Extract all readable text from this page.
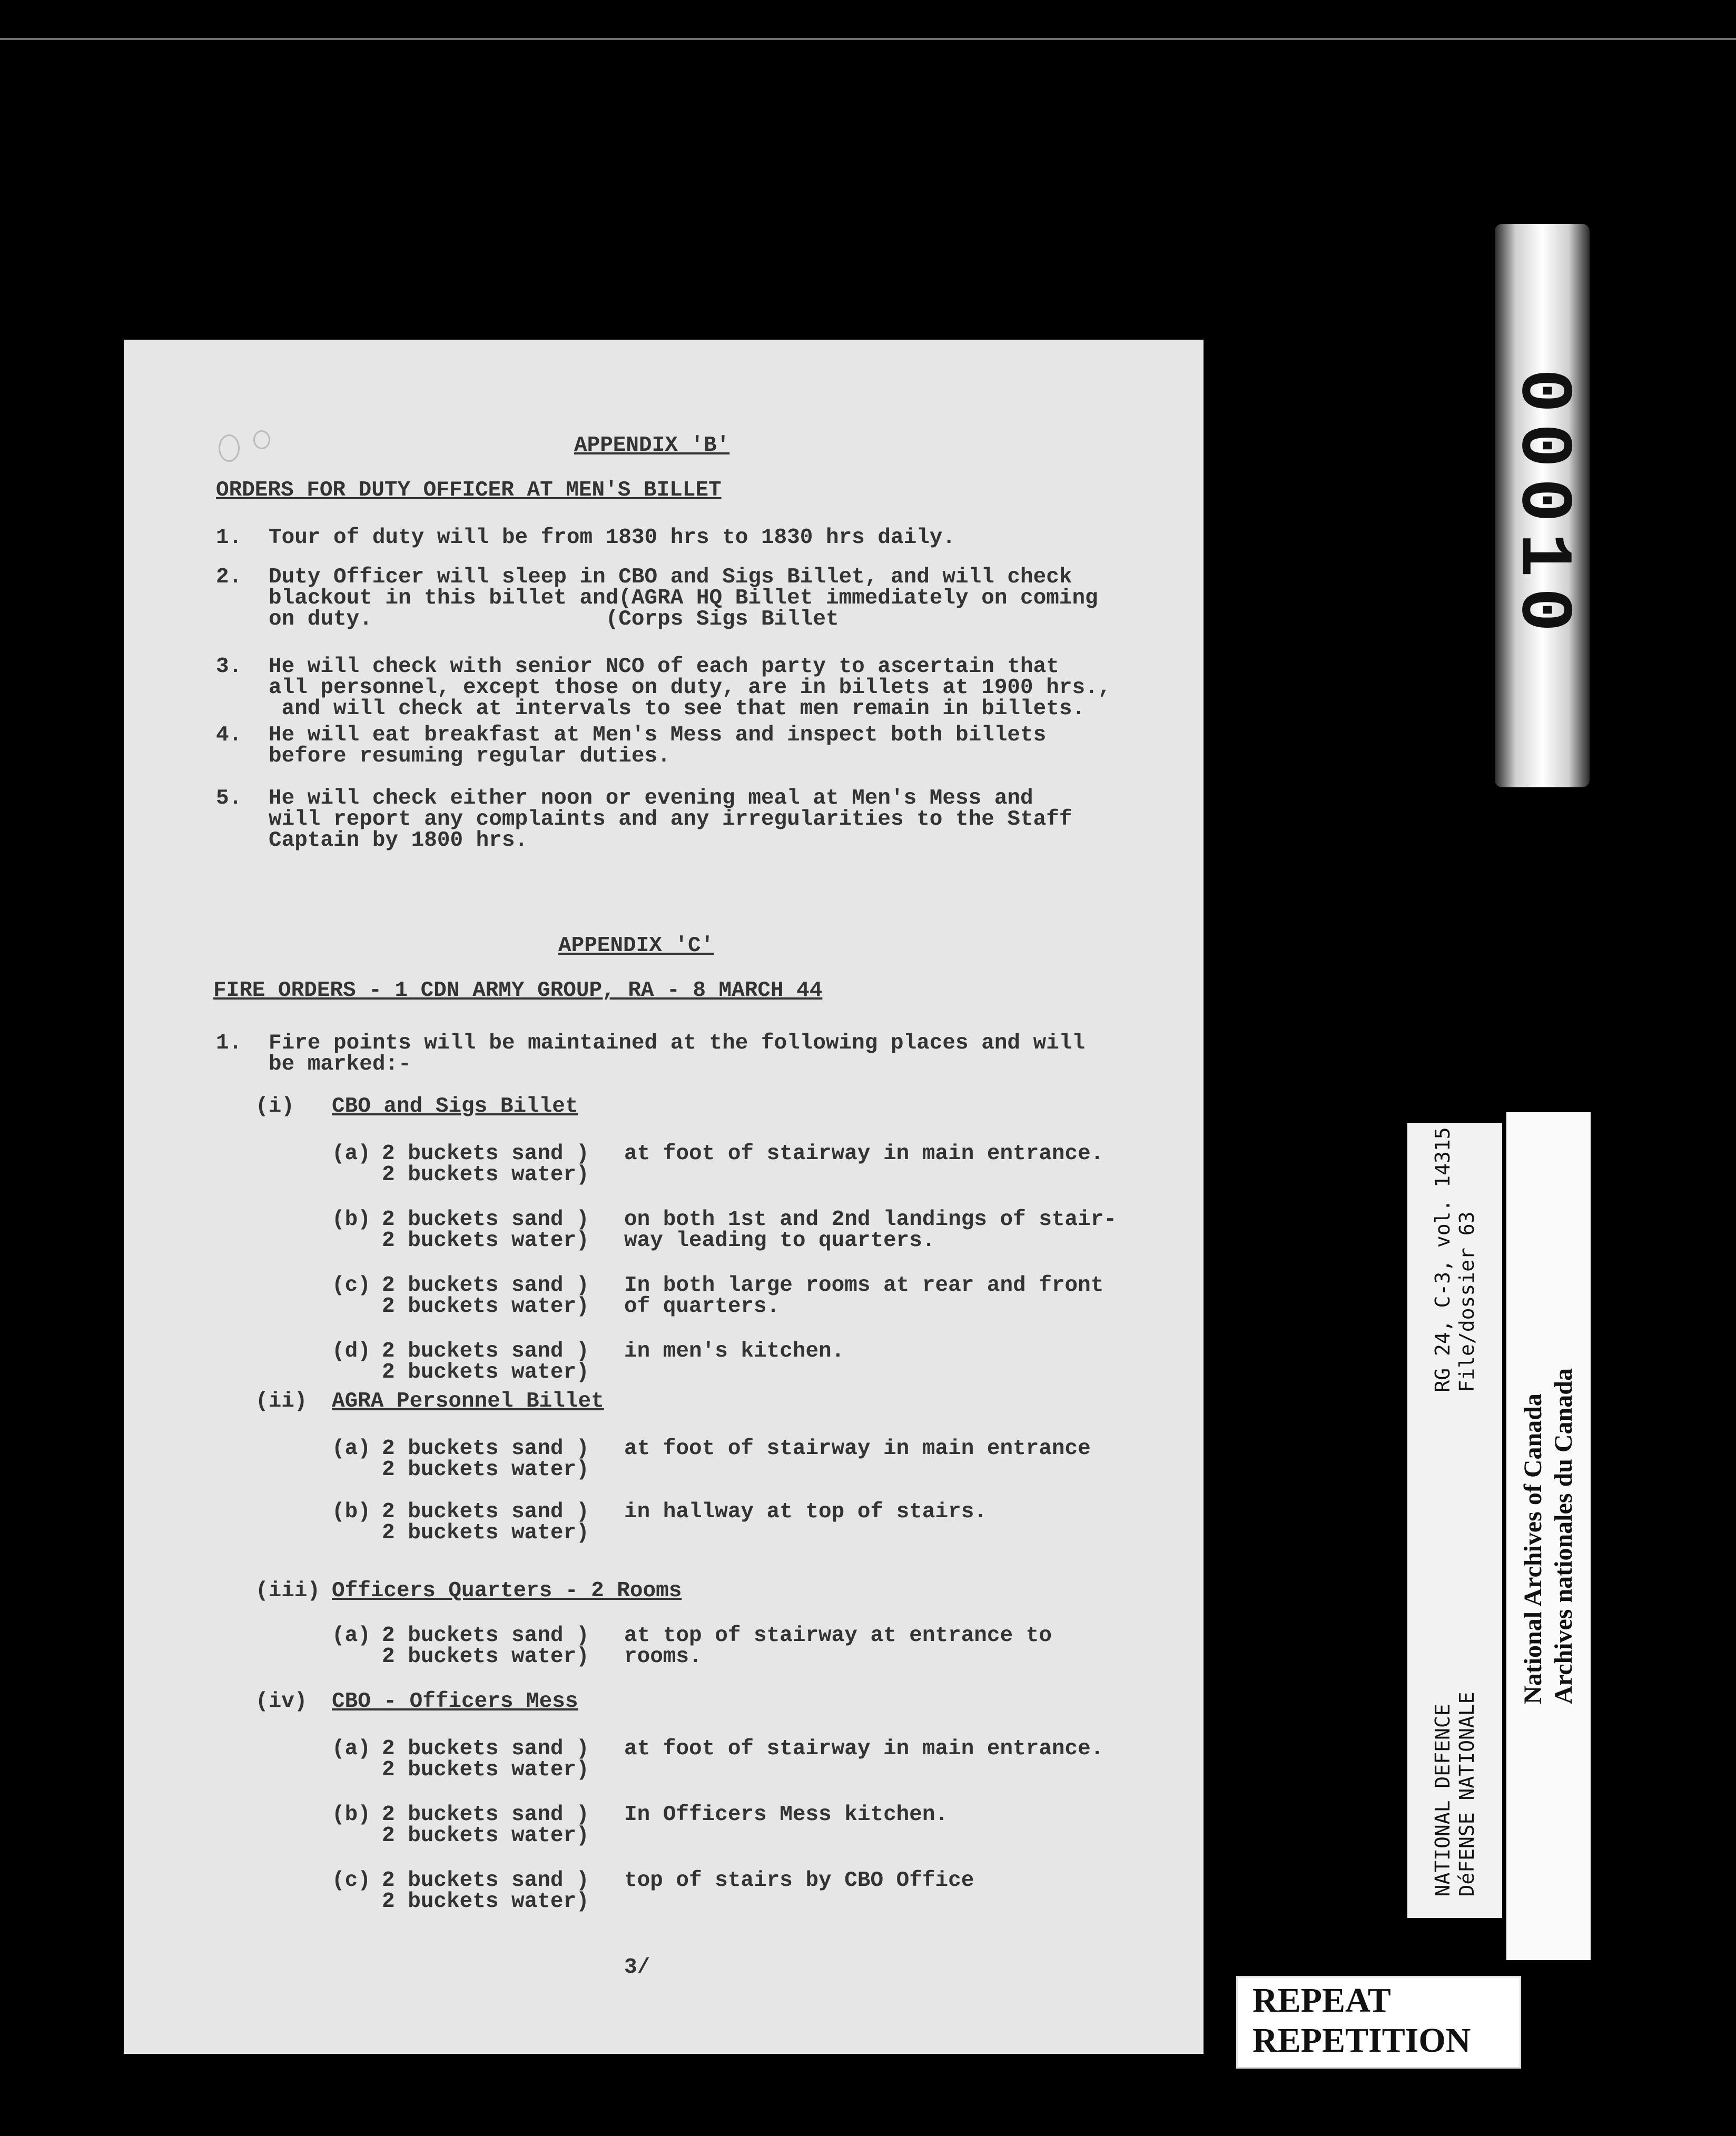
APPENDIX 'B'
ORDERS FOR DUTY OFFICER AT MEN'S BILLET
1. Tour of duty will be from 1830 hrs to 1830 hrs daily.
2. Duty Officer will sleep in CBO and Sigs Billet, and will check
blackout in this billet and(AGRA HQ Billet immediately on coming
on duty.                  (Corps Sigs Billet
3. He will check with senior NCO of each party to ascertain that
all personnel, except those on duty, are in billets at 1900 hrs.,
and will check at intervals to see that men remain in billets.
4. He will eat breakfast at Men's Mess and inspect both billets
before resuming regular duties.
5. He will check either noon or evening meal at Men's Mess and
will report any complaints and any irregularities to the Staff
Captain by 1800 hrs.
APPENDIX 'C'
FIRE ORDERS - 1 CDN ARMY GROUP, RA - 8 MARCH 44
1. Fire points will be maintained at the following places and will
be marked:-
(i) CBO and Sigs Billet
(a) 2 buckets sand )
2 buckets water)
at foot of stairway in main entrance.
(b) 2 buckets sand )
2 buckets water)
on both 1st and 2nd landings of stair-
way leading to quarters.
(c) 2 buckets sand )
2 buckets water)
In both large rooms at rear and front
of quarters.
(d) 2 buckets sand )
2 buckets water)
in men's kitchen.
(ii) AGRA Personnel Billet
(a) 2 buckets sand )
2 buckets water)
at foot of stairway in main entrance
(b) 2 buckets sand )
2 buckets water)
in hallway at top of stairs.
(iii) Officers Quarters - 2 Rooms
(a) 2 buckets sand )
2 buckets water)
at top of stairway at entrance to
rooms.
(iv) CBO - Officers Mess
(a) 2 buckets sand )
2 buckets water)
at foot of stairway in main entrance.
(b) 2 buckets sand )
2 buckets water)
In Officers Mess kitchen.
(c) 2 buckets sand )
2 buckets water)
top of stairs by CBO Office
3/
00010
RG 24, C-3, vol. 14315
File/dossier 63
NATIONAL DEFENCE
DéFENSE NATIONALE
National Archives of Canada
Archives nationales du Canada
REPEAT
REPETITION
